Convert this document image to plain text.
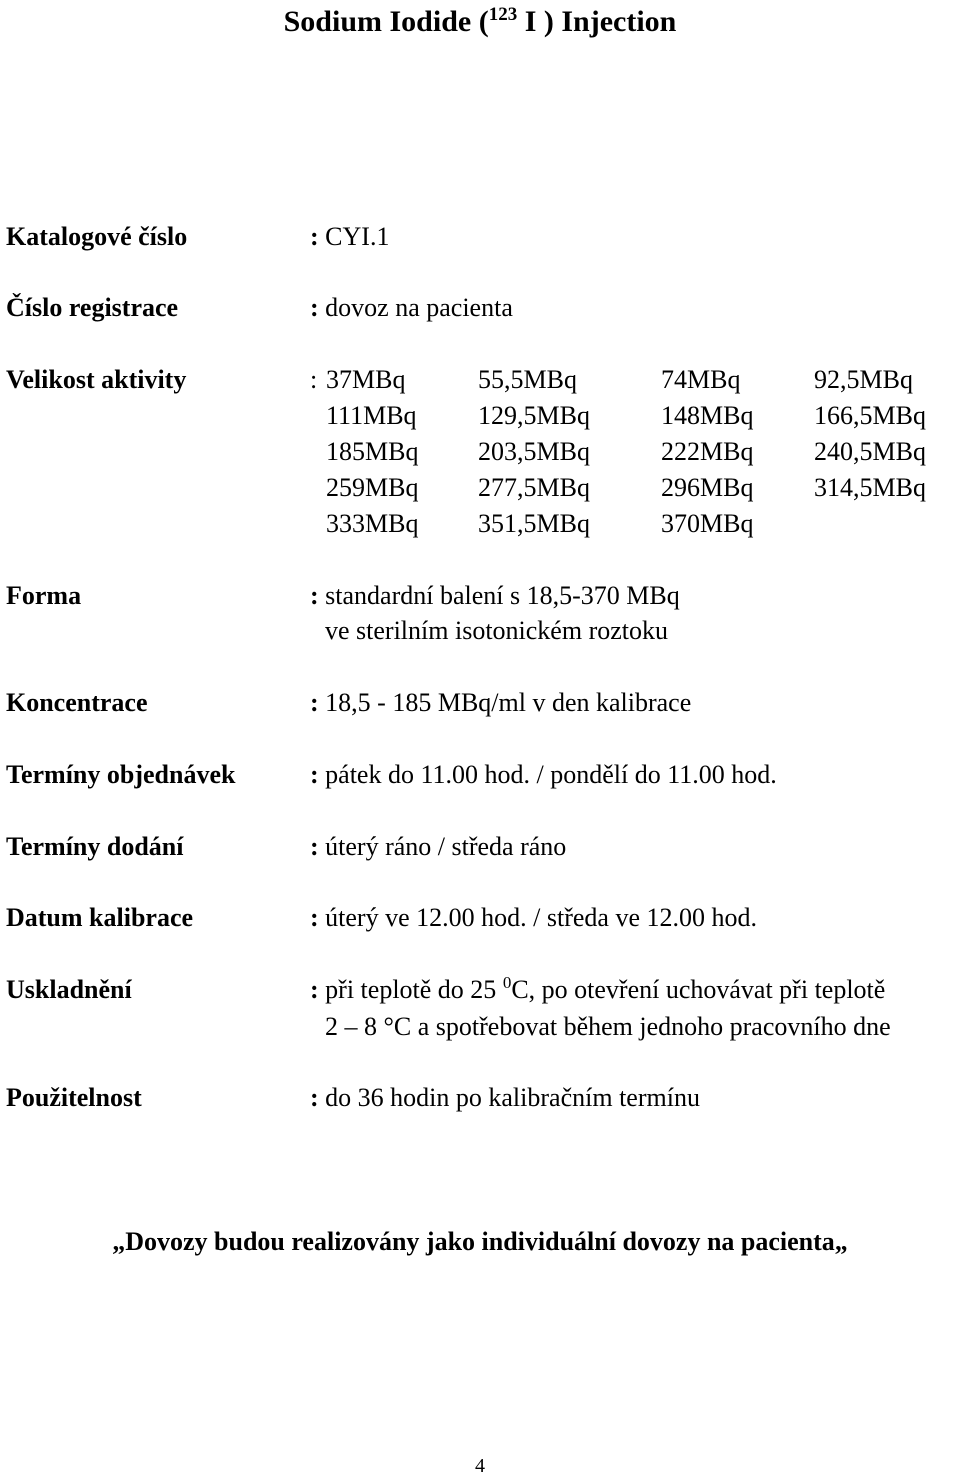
Sodium Iodide ($^{123}$ I ) Injection
Katalogové číslo	: CYI.1
Číslo registrace	: dovoz na pacienta
Velikost aktivity	: 37MBq	55,5MBq	74MBq	92,5MBq
111MBq 129,5MBq	148MBq 166,5MBq
185MBq 203,5MBq	222MBq 240,5MBq
259MBq 277,5MBq	296MBq 314,5MBq
333MBq 351,5MBq	370MBq
Forma	: standardní balení s 18,5-370 MBq
ve sterilním isotonickém roztoku
Koncentrace	: 18,5 - 185 MBq/ml v den kalibrace
Termíny objednávek	: pátek do 11.00 hod. / pondělí do 11.00 hod.
Termíny dodání	: úterý ráno / středa ráno
Datum kalibrace	: úterý ve 12.00 hod. / středa ve 12.00 hod.
Uskladnění	: při teplotě do 25 $^0$C, po otevření uchovávat při teplotě
2 – 8 °C a spotřebovat během jednoho pracovního dne
Použitelnost	: do 36 hodin po kalibračním termínu
„Dovozy budou realizovány jako individuální dovozy na pacienta„
4
